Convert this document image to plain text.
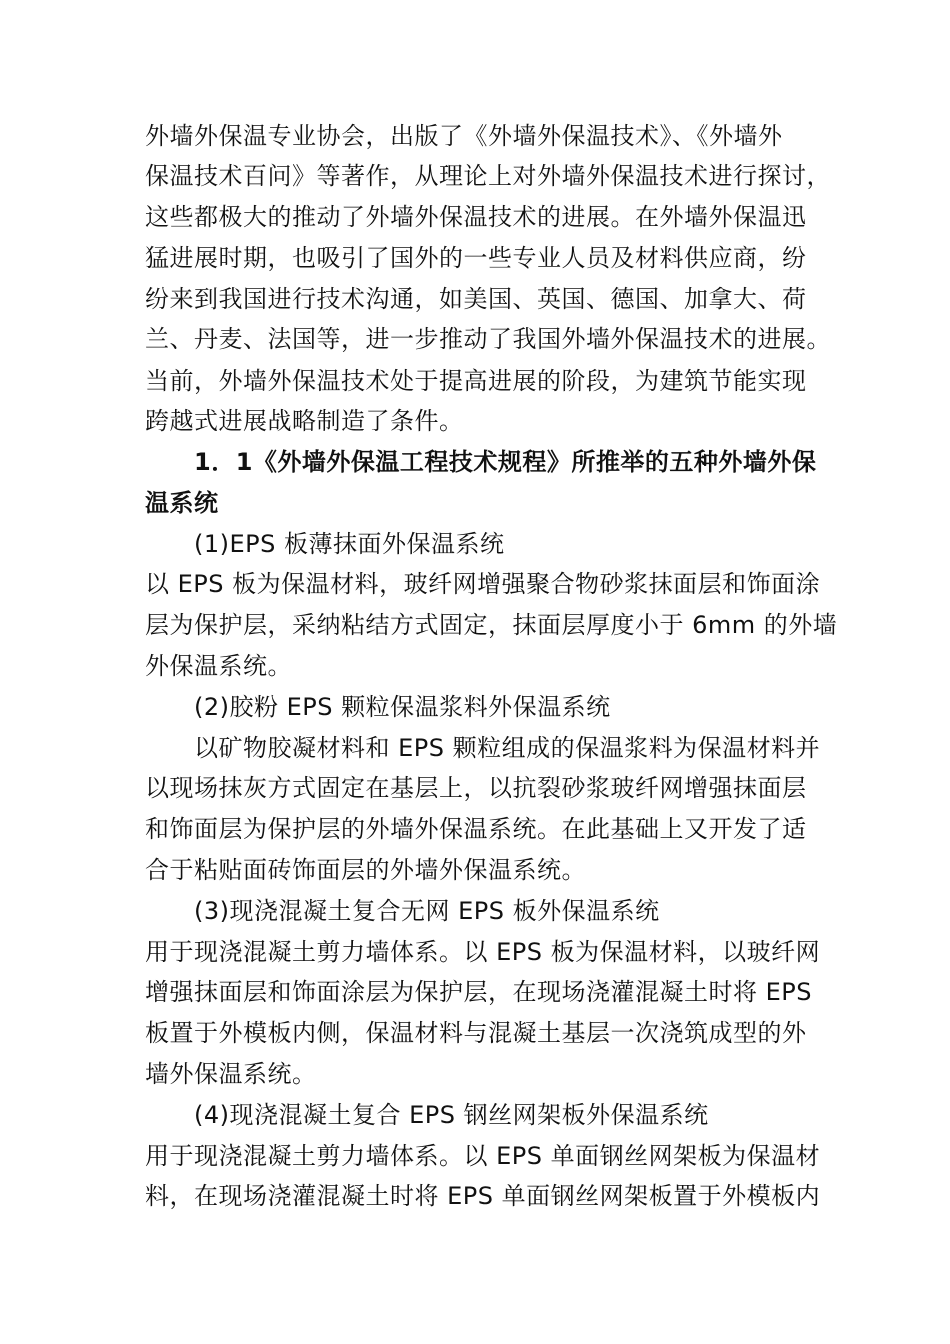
外墙外保温专业协会，出版了《外墙外保温技术》、《外墙外
保温技术百问》等著作，从理论上对外墙外保温技术进行探讨，
这些都极大的推动了外墙外保温技术的进展。在外墙外保温迅
猛进展时期，也吸引了国外的一些专业人员及材料供应商，纷
纷来到我国进行技术沟通，如美国、英国、德国、加拿大、荷
兰、丹麦、法国等，进一步推动了我国外墙外保温技术的进展。
当前，外墙外保温技术处于提高进展的阶段，为建筑节能实现
跨越式进展战略制造了条件。
1．1《外墙外保温工程技术规程》所推举的五种外墙外保
温系统
(1)EPS 板薄抹面外保温系统
以 EPS 板为保温材料，玻纤网增强聚合物砂浆抹面层和饰面涂
层为保护层，采纳粘结方式固定，抹面层厚度小于 6mm 的外墙
外保温系统。
(2)胶粉 EPS 颗粒保温浆料外保温系统
以矿物胶凝材料和 EPS 颗粒组成的保温浆料为保温材料并
以现场抹灰方式固定在基层上，以抗裂砂浆玻纤网增强抹面层
和饰面层为保护层的外墙外保温系统。在此基础上又开发了适
合于粘贴面砖饰面层的外墙外保温系统。
(3)现浇混凝土复合无网 EPS 板外保温系统
用于现浇混凝土剪力墙体系。以 EPS 板为保温材料，以玻纤网
增强抹面层和饰面涂层为保护层，在现场浇灌混凝土时将 EPS
板置于外模板内侧，保温材料与混凝土基层一次浇筑成型的外
墙外保温系统。
(4)现浇混凝土复合 EPS 钢丝网架板外保温系统
用于现浇混凝土剪力墙体系。以 EPS 单面钢丝网架板为保温材
料，在现场浇灌混凝土时将 EPS 单面钢丝网架板置于外模板内
